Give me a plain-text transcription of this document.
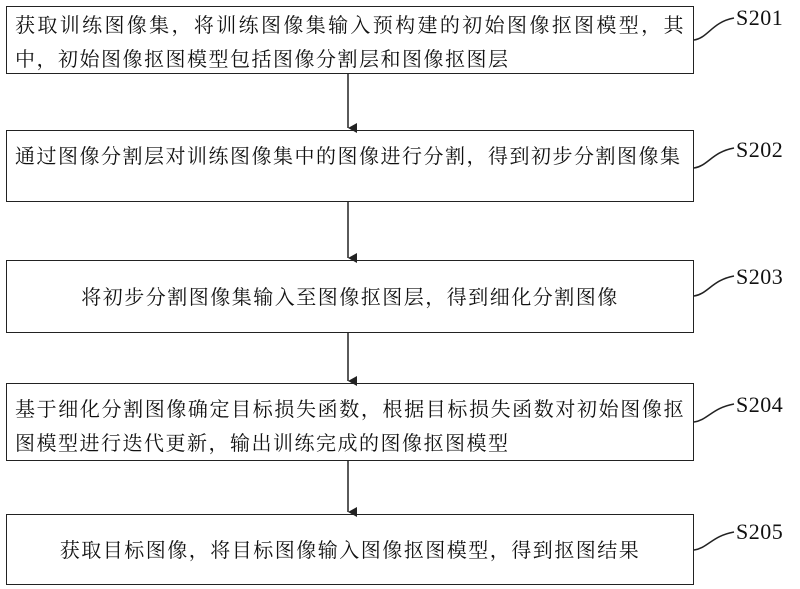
获取训练图像集，将训练图像集输入预构建的初始图像抠图模型，其中，初始图像抠图模型包括图像分割层和图像抠图层
S201
通过图像分割层对训练图像集中的图像进行分割，得到初步分割图像集	S202
将初步分割图像集输入至图像抠图层，得到细化分割图像
S203
基于细化分割图像确定目标损失函数，根据目标损失函数对初始图像抠图模型进行迭代更新，输出训练完成的图像抠图模型
S204
获取目标图像，将目标图像输入图像抠图模型，得到抠图结果
S205
